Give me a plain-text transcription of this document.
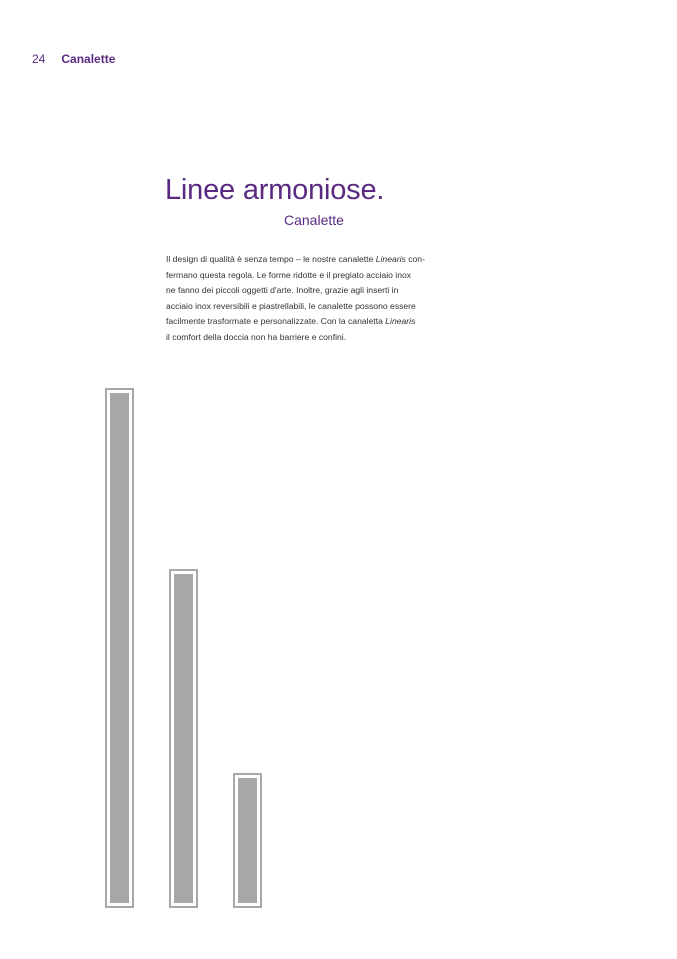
24 Canalette
Linee armoniose.
Canalette
Il design di qualità è senza tempo – le nostre canalette Linearis con-
fermano questa regola. Le forme ridotte e il pregiato acciaio inox
ne fanno dei piccoli oggetti d'arte. Inoltre, grazie agli inserti in
acciaio inox reversibili e piastrellabili, le canalette possono essere
facilmente trasformate e personalizzate. Con la canaletta Linearis
il comfort della doccia non ha barriere e confini.
